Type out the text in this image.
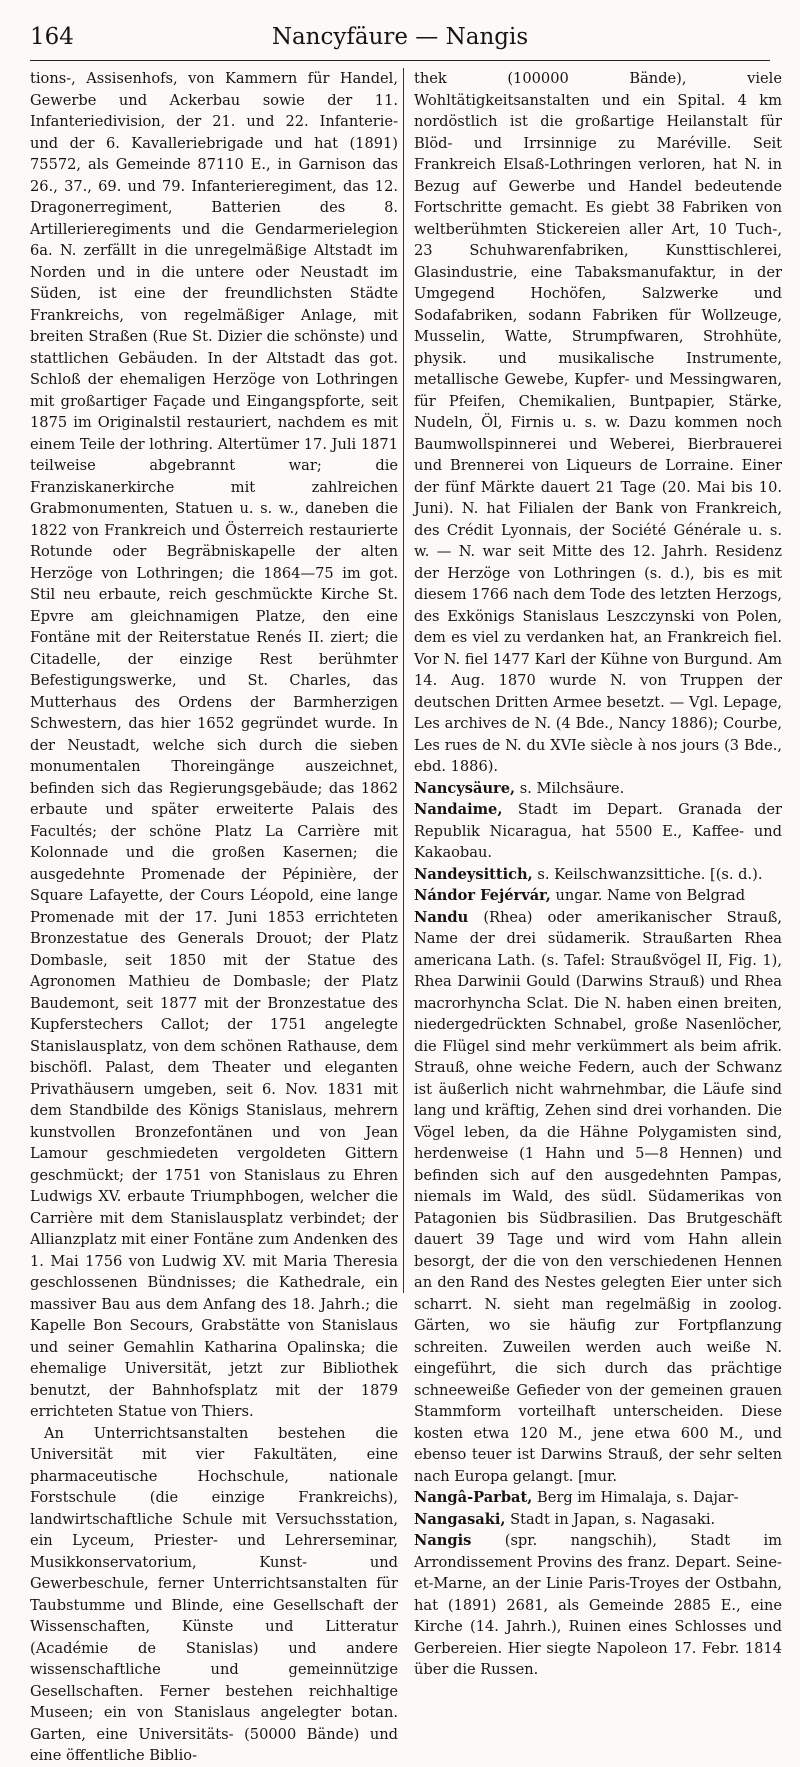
164	Nancyfäure — Nangis

tions-, Assisenhofs, von Kammern für Handel, Gewerbe und Ackerbau sowie der 11. Infanteriedivision, der 21. und 22. Infanterie- und der 6. Kavalleriebrigade und hat (1891) 75572, als Gemeinde 87110 E., in Garnison das 26., 37., 69. und 79. Infanterieregiment, das 12. Dragonerregiment, Batterien des 8. Artillerieregiments und die Gendarmerielegion 6a. N. zerfällt in die unregelmäßige Altstadt im Norden und in die untere oder Neustadt im Süden, ist eine der freundlichsten Städte Frankreichs, von regelmäßiger Anlage, mit breiten Straßen (Rue St. Dizier die schönste) und stattlichen Gebäuden. In der Altstadt das got. Schloß der ehemaligen Herzöge von Lothringen mit großartiger Façade und Eingangspforte, seit 1875 im Originalstil restauriert, nachdem es mit einem Teile der lothring. Altertümer 17. Juli 1871 teilweise abgebrannt war; die Franziskanerkirche mit zahlreichen Grabmonumenten, Statuen u. s. w., daneben die 1822 von Frankreich und Österreich restaurierte Rotunde oder Begräbniskapelle der alten Herzöge von Lothringen; die 1864—75 im got. Stil neu erbaute, reich geschmückte Kirche St. Epvre am gleichnamigen Platze, den eine Fontäne mit der Reiterstatue Renés II. ziert; die Citadelle, der einzige Rest berühmter Befestigungswerke, und St. Charles, das Mutterhaus des Ordens der Barmherzigen Schwestern, das hier 1652 gegründet wurde. In der Neustadt, welche sich durch die sieben monumentalen Thoreingänge auszeichnet, befinden sich das Regierungsgebäude; das 1862 erbaute und später erweiterte Palais des Facultés; der schöne Platz La Carrière mit Kolonnade und die großen Kasernen; die ausgedehnte Promenade der Pépinière, der Square Lafayette, der Cours Léopold, eine lange Promenade mit der 17. Juni 1853 errichteten Bronzestatue des Generals Drouot; der Platz Dombasle, seit 1850 mit der Statue des Agronomen Mathieu de Dombasle; der Platz Baudemont, seit 1877 mit der Bronzestatue des Kupferstechers Callot; der 1751 angelegte Stanislausplatz, von dem schönen Rathause, dem bischöfl. Palast, dem Theater und eleganten Privathäusern umgeben, seit 6. Nov. 1831 mit dem Standbilde des Königs Stanislaus, mehrern kunstvollen Bronzefontänen und von Jean Lamour geschmiedeten vergoldeten Gittern geschmückt; der 1751 von Stanislaus zu Ehren Ludwigs XV. erbaute Triumphbogen, welcher die Carrière mit dem Stanislausplatz verbindet; der Allianzplatz mit einer Fontäne zum Andenken des 1. Mai 1756 von Ludwig XV. mit Maria Theresia geschlossenen Bündnisses; die Kathedrale, ein massiver Bau aus dem Anfang des 18. Jahrh.; die Kapelle Bon Secours, Grabstätte von Stanislaus und seiner Gemahlin Katharina Opalinska; die ehemalige Universität, jetzt zur Bibliothek benutzt, der Bahnhofsplatz mit der 1879 errichteten Statue von Thiers.

An Unterrichtsanstalten bestehen die Universität mit vier Fakultäten, eine pharmaceutische Hochschule, nationale Forstschule (die einzige Frankreichs), landwirtschaftliche Schule mit Versuchsstation, ein Lyceum, Priester- und Lehrerseminar, Musikkonservatorium, Kunst- und Gewerbeschule, ferner Unterrichtsanstalten für Taubstumme und Blinde, eine Gesellschaft der Wissenschaften, Künste und Litteratur (Académie de Stanislas) und andere wissenschaftliche und gemeinnützige Gesellschaften. Ferner bestehen reichhaltige Museen; ein von Stanislaus angelegter botan. Garten, eine Universitäts- (50000 Bände) und eine öffentliche Biblio-

thek (100000 Bände), viele Wohltätigkeitsanstalten und ein Spital. 4 km nordöstlich ist die großartige Heilanstalt für Blöd- und Irrsinnige zu Maréville. Seit Frankreich Elsaß-Lothringen verloren, hat N. in Bezug auf Gewerbe und Handel bedeutende Fortschritte gemacht. Es giebt 38 Fabriken von weltberühmten Stickereien aller Art, 10 Tuch-, 23 Schuhwarenfabriken, Kunsttischlerei, Glasindustrie, eine Tabaksmanufaktur, in der Umgegend Hochöfen, Salzwerke und Sodafabriken, sodann Fabriken für Wollzeuge, Musselin, Watte, Strumpfwaren, Strohhüte, physik. und musikalische Instrumente, metallische Gewebe, Kupfer- und Messingwaren, für Pfeifen, Chemikalien, Buntpapier, Stärke, Nudeln, Öl, Firnis u. s. w. Dazu kommen noch Baumwollspinnerei und Weberei, Bierbrauerei und Brennerei von Liqueurs de Lorraine. Einer der fünf Märkte dauert 21 Tage (20. Mai bis 10. Juni). N. hat Filialen der Bank von Frankreich, des Crédit Lyonnais, der Société Générale u. s. w. — N. war seit Mitte des 12. Jahrh. Residenz der Herzöge von Lothringen (s. d.), bis es mit diesem 1766 nach dem Tode des letzten Herzogs, des Exkönigs Stanislaus Leszczynski von Polen, dem es viel zu verdanken hat, an Frankreich fiel. Vor N. fiel 1477 Karl der Kühne von Burgund. Am 14. Aug. 1870 wurde N. von Truppen der deutschen Dritten Armee besetzt. — Vgl. Lepage, Les archives de N. (4 Bde., Nancy 1886); Courbe, Les rues de N. du XVIe siècle à nos jours (3 Bde., ebd. 1886).

Nancysäure, s. Milchsäure.

Nandaime, Stadt im Depart. Granada der Republik Nicaragua, hat 5500 E., Kaffee- und Kakaobau.

Nandeysittich, s. Keilschwanzsittiche. [(s. d.).

Nándor Fejérvár, ungar. Name von Belgrad

Nandu (Rhea) oder amerikanischer Strauß, Name der drei südamerik. Straußarten Rhea americana Lath. (s. Tafel: Straußvögel II, Fig. 1), Rhea Darwinii Gould (Darwins Strauß) und Rhea macrorhyncha Sclat. Die N. haben einen breiten, niedergedrückten Schnabel, große Nasenlöcher, die Flügel sind mehr verkümmert als beim afrik. Strauß, ohne weiche Federn, auch der Schwanz ist äußerlich nicht wahrnehmbar, die Läufe sind lang und kräftig, Zehen sind drei vorhanden. Die Vögel leben, da die Hähne Polygamisten sind, herdenweise (1 Hahn und 5—8 Hennen) und befinden sich auf den ausgedehnten Pampas, niemals im Wald, des südl. Südamerikas von Patagonien bis Südbrasilien. Das Brutgeschäft dauert 39 Tage und wird vom Hahn allein besorgt, der die von den verschiedenen Hennen an den Rand des Nestes gelegten Eier unter sich scharrt. N. sieht man regelmäßig in zoolog. Gärten, wo sie häufig zur Fortpflanzung schreiten. Zuweilen werden auch weiße N. eingeführt, die sich durch das prächtige schneeweiße Gefieder von der gemeinen grauen Stammform vorteilhaft unterscheiden. Diese kosten etwa 120 M., jene etwa 600 M., und ebenso teuer ist Darwins Strauß, der sehr selten nach Europa gelangt. [mur.

Nangâ-Parbat, Berg im Himalaja, s. Dajar-

Nangasaki, Stadt in Japan, s. Nagasaki.

Nangis (spr. nangschih), Stadt im Arrondissement Provins des franz. Depart. Seine-et-Marne, an der Linie Paris-Troyes der Ostbahn, hat (1891) 2681, als Gemeinde 2885 E., eine Kirche (14. Jahrh.), Ruinen eines Schlosses und Gerbereien. Hier siegte Napoleon 17. Febr. 1814 über die Russen.
